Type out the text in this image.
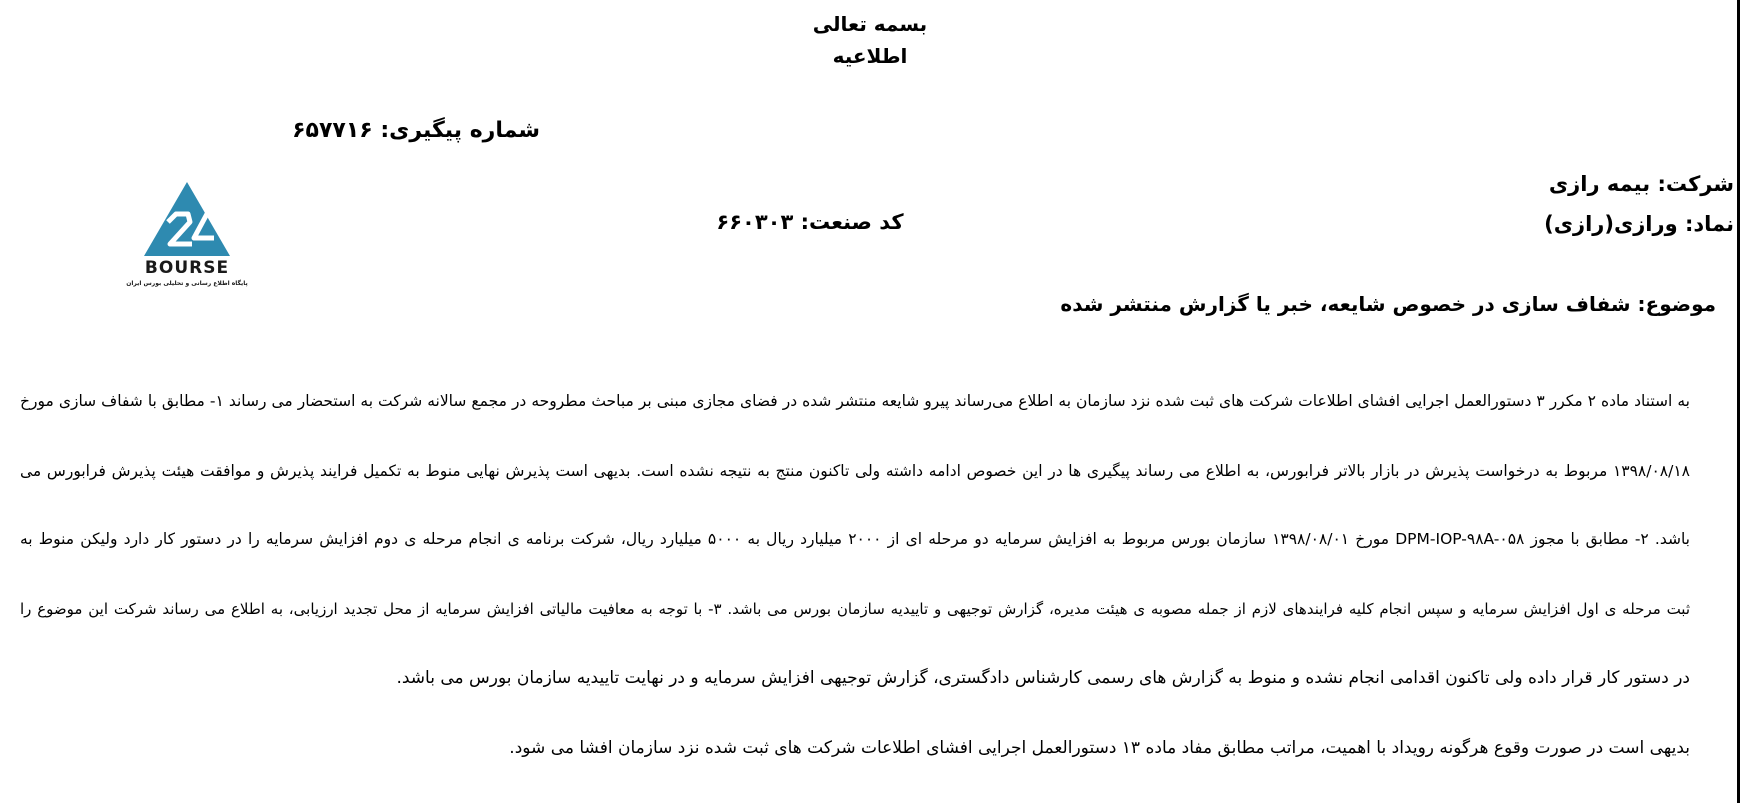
بسمه تعالی
اطلاعیه
شماره پیگیری: ۶۵۷۷۱۶
شرکت: بیمه رازی
نماد: ورازی(رازی)
کد صنعت: ۶۶۰۳۰۳
BOURSE
پایگاه اطلاع رسانی و تحلیلی بورس ایران
موضوع: شفاف سازی در خصوص شایعه، خبر یا گزارش منتشر شده
به استناد ماده ۲ مکرر ۳ دستورالعمل اجرایی افشای اطلاعات شرکت های ثبت شده نزد سازمان به اطلاع می‌رساند پیرو شایعه منتشر شده در فضای مجازی مبنی بر مباحث مطروحه در مجمع سالانه شرکت به استحضار می رساند ۱- مطابق با شفاف سازی مورخ
۱۳۹۸/۰۸/۱۸ مربوط به درخواست پذیرش در بازار بالاتر فرابورس، به اطلاع می رساند پیگیری ها در این خصوص ادامه داشته ولی تاکنون منتج به نتیجه نشده است. بدیهی است پذیرش نهایی منوط به تکمیل فرایند پذیرش و موافقت هیئت پذیرش فرابورس می
باشد. ۲- مطابق با مجوز DPM-IOP-۹۸A-۰۵۸ مورخ ۱۳۹۸/۰۸/۰۱ سازمان بورس مربوط به افزایش سرمایه دو مرحله ای از ۲۰۰۰ میلیارد ریال به ۵۰۰۰ میلیارد ریال، شرکت برنامه ی انجام مرحله ی دوم افزایش سرمایه را در دستور کار دارد ولیکن منوط به
ثبت مرحله ی اول افزایش سرمایه و سپس انجام کلیه فرایندهای لازم از جمله مصوبه ی هیئت مدیره، گزارش توجیهی و تاییدیه سازمان بورس می باشد. ۳- با توجه به معافیت مالیاتی افزایش سرمایه از محل تجدید ارزیابی، به اطلاع می رساند شرکت این موضوع را
در دستور کار قرار داده ولی تاکنون اقدامی انجام نشده و منوط به گزارش های رسمی کارشناس دادگستری، گزارش توجیهی افزایش سرمایه و در نهایت تاییدیه سازمان بورس می باشد.
بدیهی است در صورت وقوع هرگونه رویداد با اهمیت، مراتب مطابق مفاد ماده ۱۳ دستورالعمل اجرایی افشای اطلاعات شرکت های ثبت شده نزد سازمان افشا می شود.
